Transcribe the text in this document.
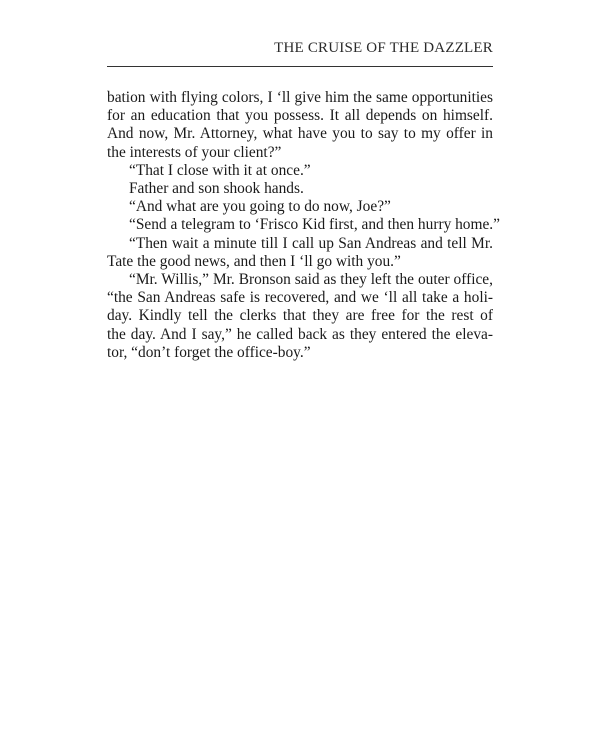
THE CRUISE OF THE DAZZLER
bation with flying colors, I ‘ll give him the same opportunities
for an education that you possess. It all depends on himself.
And now, Mr. Attorney, what have you to say to my offer in
the interests of your client?”
“That I close with it at once.”
Father and son shook hands.
“And what are you going to do now, Joe?”
“Send a telegram to ‘Frisco Kid first, and then hurry home.”
“Then wait a minute till I call up San Andreas and tell Mr.
Tate the good news, and then I ‘ll go with you.”
“Mr. Willis,” Mr. Bronson said as they left the outer office,
“the San Andreas safe is recovered, and we ‘ll all take a holi-
day. Kindly tell the clerks that they are free for the rest of
the day. And I say,” he called back as they entered the eleva-
tor, “don’t forget the office-boy.”
